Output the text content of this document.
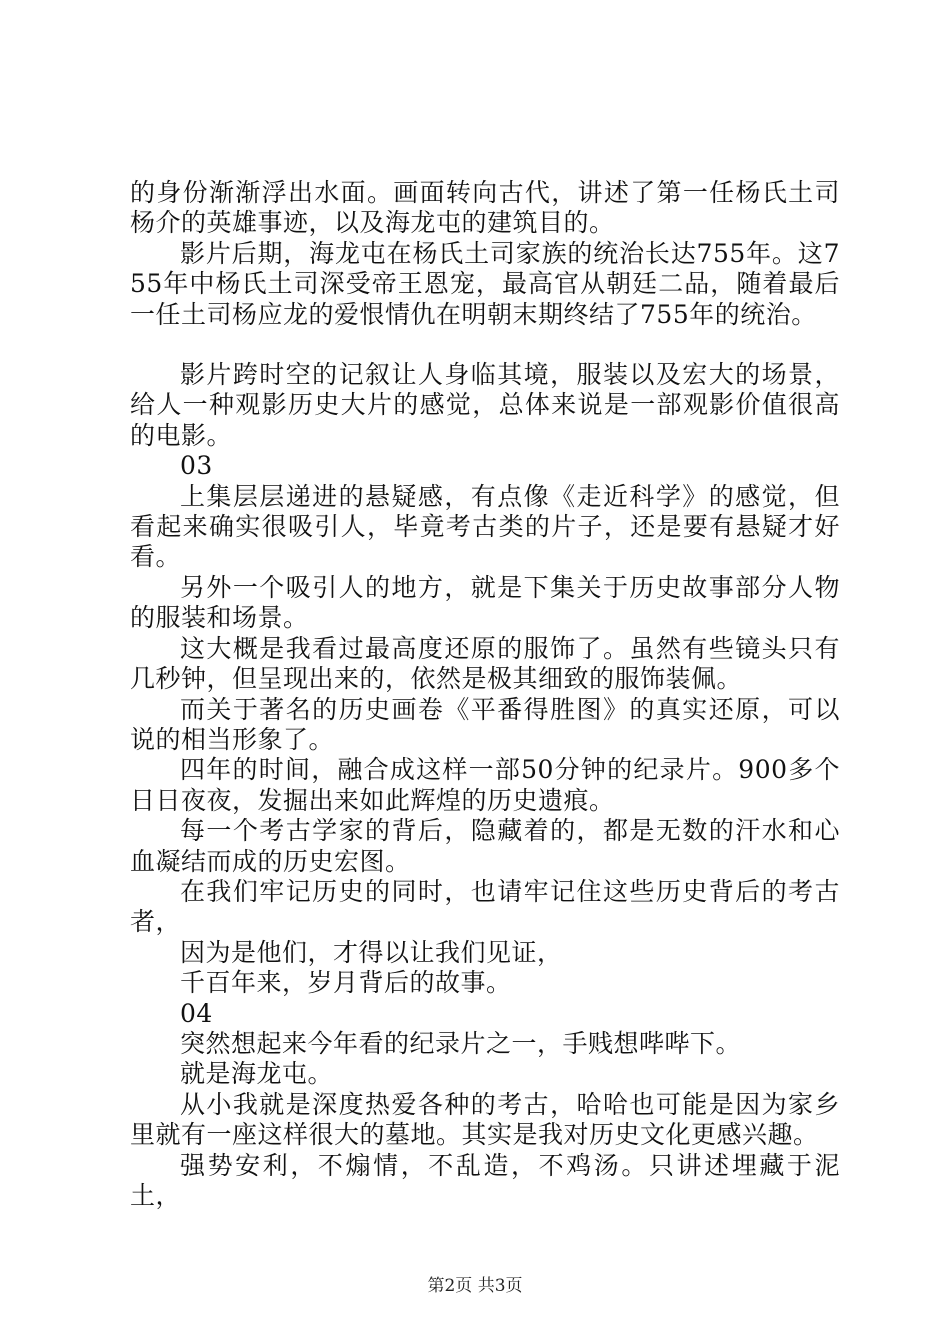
的身份渐渐浮出水面。画面转向古代，讲述了第一任杨氏土司杨介的英雄事迹，以及海龙屯的建筑目的。

影片后期，海龙屯在杨氏土司家族的统治长达755年。这755年中杨氏土司深受帝王恩宠，最高官从朝廷二品，随着最后一任土司杨应龙的爱恨情仇在明朝末期终结了755年的统治。

影片跨时空的记叙让人身临其境，服装以及宏大的场景，给人一种观影历史大片的感觉，总体来说是一部观影价值很高的电影。

03

上集层层递进的悬疑感，有点像《走近科学》的感觉，但看起来确实很吸引人，毕竟考古类的片子，还是要有悬疑才好看。

另外一个吸引人的地方，就是下集关于历史故事部分人物的服装和场景。

这大概是我看过最高度还原的服饰了。虽然有些镜头只有几秒钟，但呈现出来的，依然是极其细致的服饰装佩。

而关于著名的历史画卷《平番得胜图》的真实还原，可以说的相当形象了。

四年的时间，融合成这样一部50分钟的纪录片。900多个日日夜夜，发掘出来如此辉煌的历史遗痕。

每一个考古学家的背后，隐藏着的，都是无数的汗水和心血凝结而成的历史宏图。

在我们牢记历史的同时，也请牢记住这些历史背后的考古者，

因为是他们，才得以让我们见证，

千百年来，岁月背后的故事。

04

突然想起来今年看的纪录片之一，手贱想哔哔下。

就是海龙屯。

从小我就是深度热爱各种的考古，哈哈也可能是因为家乡里就有一座这样很大的墓地。其实是我对历史文化更感兴趣。

强势安利，不煽情，不乱造，不鸡汤。只讲述埋藏于泥土，

第2页 共3页
